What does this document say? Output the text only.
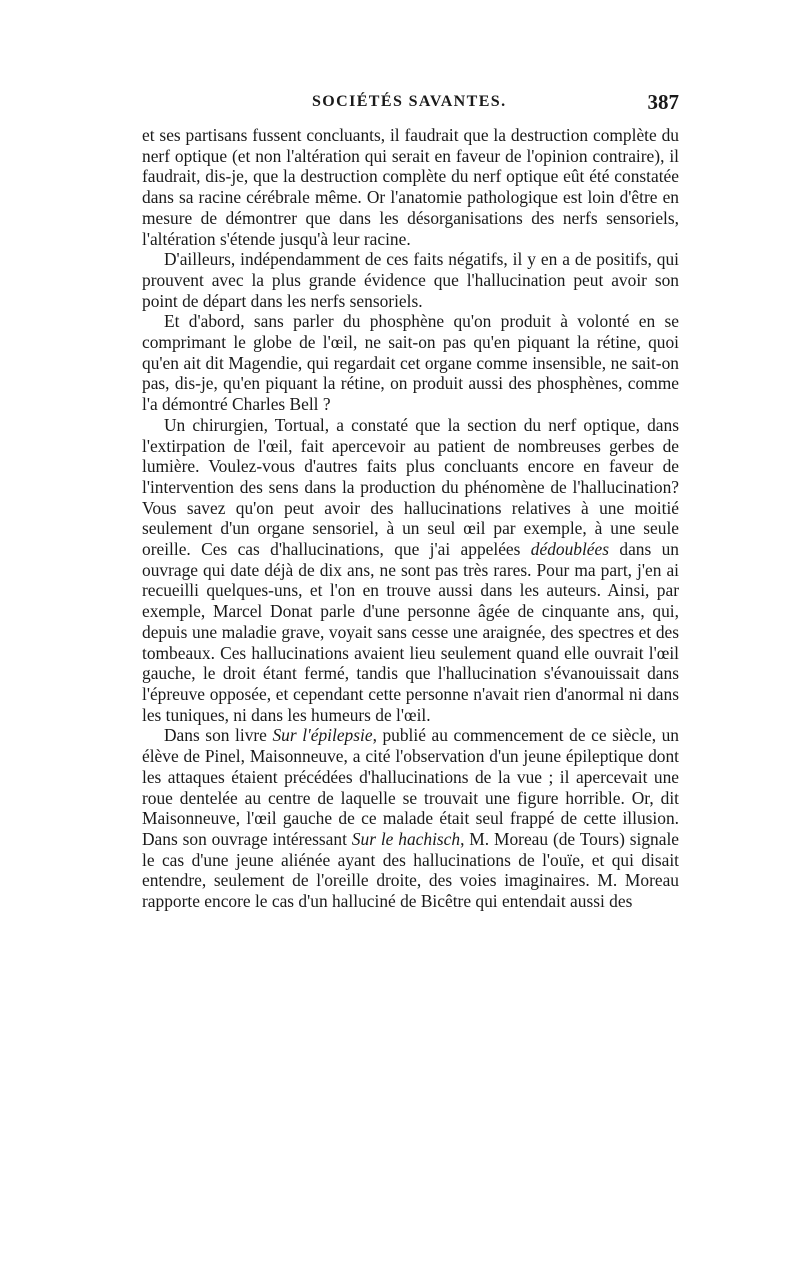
SOCIÉTÉS SAVANTES.	387

et ses partisans fussent concluants, il faudrait que la destruction complète du nerf optique (et non l'altération qui serait en faveur de l'opinion contraire), il faudrait, dis-je, que la destruction complète du nerf optique eût été constatée dans sa racine cérébrale même. Or l'anatomie pathologique est loin d'être en mesure de démontrer que dans les désorganisations des nerfs sensoriels, l'altération s'étende jusqu'à leur racine.

D'ailleurs, indépendamment de ces faits négatifs, il y en a de positifs, qui prouvent avec la plus grande évidence que l'hallucination peut avoir son point de départ dans les nerfs sensoriels.

Et d'abord, sans parler du phosphène qu'on produit à volonté en se comprimant le globe de l'œil, ne sait-on pas qu'en piquant la rétine, quoi qu'en ait dit Magendie, qui regardait cet organe comme insensible, ne sait-on pas, dis-je, qu'en piquant la rétine, on produit aussi des phosphènes, comme l'a démontré Charles Bell ?

Un chirurgien, Tortual, a constaté que la section du nerf optique, dans l'extirpation de l'œil, fait apercevoir au patient de nombreuses gerbes de lumière. Voulez-vous d'autres faits plus concluants encore en faveur de l'intervention des sens dans la production du phénomène de l'hallucination? Vous savez qu'on peut avoir des hallucinations relatives à une moitié seulement d'un organe sensoriel, à un seul œil par exemple, à une seule oreille. Ces cas d'hallucinations, que j'ai appelées dédoublées dans un ouvrage qui date déjà de dix ans, ne sont pas très rares. Pour ma part, j'en ai recueilli quelques-uns, et l'on en trouve aussi dans les auteurs. Ainsi, par exemple, Marcel Donat parle d'une personne âgée de cinquante ans, qui, depuis une maladie grave, voyait sans cesse une araignée, des spectres et des tombeaux. Ces hallucinations avaient lieu seulement quand elle ouvrait l'œil gauche, le droit étant fermé, tandis que l'hallucination s'évanouissait dans l'épreuve opposée, et cependant cette personne n'avait rien d'anormal ni dans les tuniques, ni dans les humeurs de l'œil.

Dans son livre Sur l'épilepsie, publié au commencement de ce siècle, un élève de Pinel, Maisonneuve, a cité l'observation d'un jeune épileptique dont les attaques étaient précédées d'hallucinations de la vue ; il apercevait une roue dentelée au centre de laquelle se trouvait une figure horrible. Or, dit Maisonneuve, l'œil gauche de ce malade était seul frappé de cette illusion. Dans son ouvrage intéressant Sur le hachisch, M. Moreau (de Tours) signale le cas d'une jeune aliénée ayant des hallucinations de l'ouïe, et qui disait entendre, seulement de l'oreille droite, des voies imaginaires. M. Moreau rapporte encore le cas d'un halluciné de Bicêtre qui entendait aussi des
